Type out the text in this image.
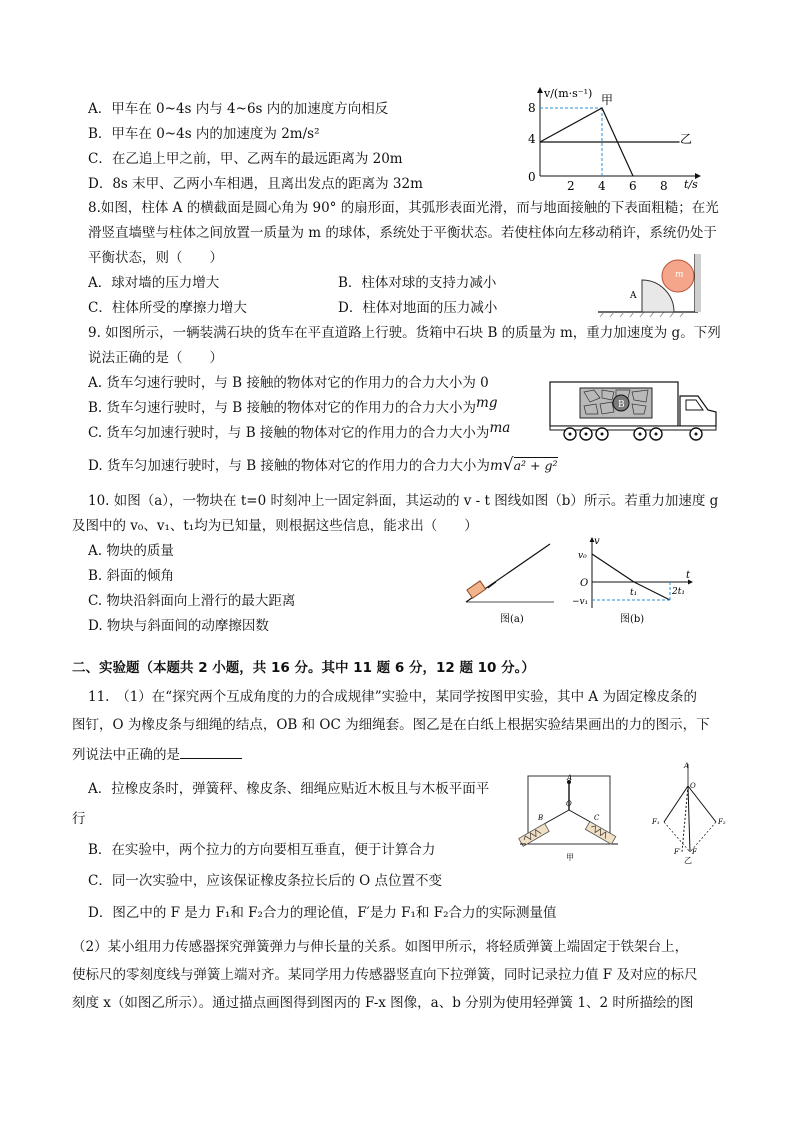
A．甲车在 0~4s 内与 4~6s 内的加速度方向相反
B．甲车在 0~4s 内的加速度为 2m/s²
C．在乙追上甲之前，甲、乙两车的最远距离为 20m
D．8s 末甲、乙两小车相遇，且离出发点的距离为 32m
v/(m·s⁻¹)
t/s
8
4
0
2 4 6 8
甲
乙
8.如图，柱体 A 的横截面是圆心角为 90° 的扇形面，其弧形表面光滑，而与地面接触的下表面粗糙；在光
滑竖直墙壁与柱体之间放置一质量为 m 的球体，系统处于平衡状态。若使柱体向左移动稍许，系统仍处于
平衡状态，则（　　）
A．球对墙的压力增大	B．柱体对球的支持力减小
C．柱体所受的摩擦力增大	D．柱体对地面的压力减小
A
m
9. 如图所示，一辆装满石块的货车在平直道路上行驶。货箱中石块 B 的质量为 m，重力加速度为 g。下列
说法正确的是（　　）
A. 货车匀速行驶时，与 B 接触的物体对它的作用力的合力大小为 0
B. 货车匀速行驶时，与 B 接触的物体对它的作用力的合力大小为mg
C. 货车匀加速行驶时，与 B 接触的物体对它的作用力的合力大小为ma
D. 货车匀加速行驶时，与 B 接触的物体对它的作用力的合力大小为m√a² + g²
B
10. 如图（a），一物块在 t=0 时刻冲上一固定斜面，其运动的 v - t 图线如图（b）所示。若重力加速度 g
及图中的 v₀、v₁、t₁均为已知量，则根据这些信息，能求出（　　）
A. 物块的质量
B. 斜面的倾角
C. 物块沿斜面向上滑行的最大距离
D. 物块与斜面间的动摩擦因数	图(a)
v
t
v₀
O
t₁
−v₁
2t₁
图(b)
二、实验题（本题共 2 小题，共 16 分。其中 11 题 6 分，12 题 10 分。）
11.　（1）在“探究两个互成角度的力的合成规律”实验中，某同学按图甲实验，其中 A 为固定橡皮条的
图钉，O 为橡皮条与细绳的结点，OB 和 OC 为细绳套。图乙是在白纸上根据实验结果画出的力的图示，下
列说法中正确的是
A．拉橡皮条时，弹簧秤、橡皮条、细绳应贴近木板且与木板平面平
行
B．在实验中，两个拉力的方向要相互垂直，便于计算合力
C．同一次实验中，应该保证橡皮条拉长后的 O 点位置不变
D．图乙中的 F 是力 F₁和 F₂合力的理论值，F′是力 F₁和 F₂合力的实际测量值
A
O
B	C
甲
A
O
F₁	F₂
F
F′
乙
（2）某小组用力传感器探究弹簧弹力与伸长量的关系。如图甲所示，将轻质弹簧上端固定于铁架台上，
使标尺的零刻度线与弹簧上端对齐。某同学用力传感器竖直向下拉弹簧，同时记录拉力值 F 及对应的标尺
刻度 x（如图乙所示）。通过描点画图得到图丙的 F-x 图像，a、b 分别为使用轻弹簧 1、2 时所描绘的图
